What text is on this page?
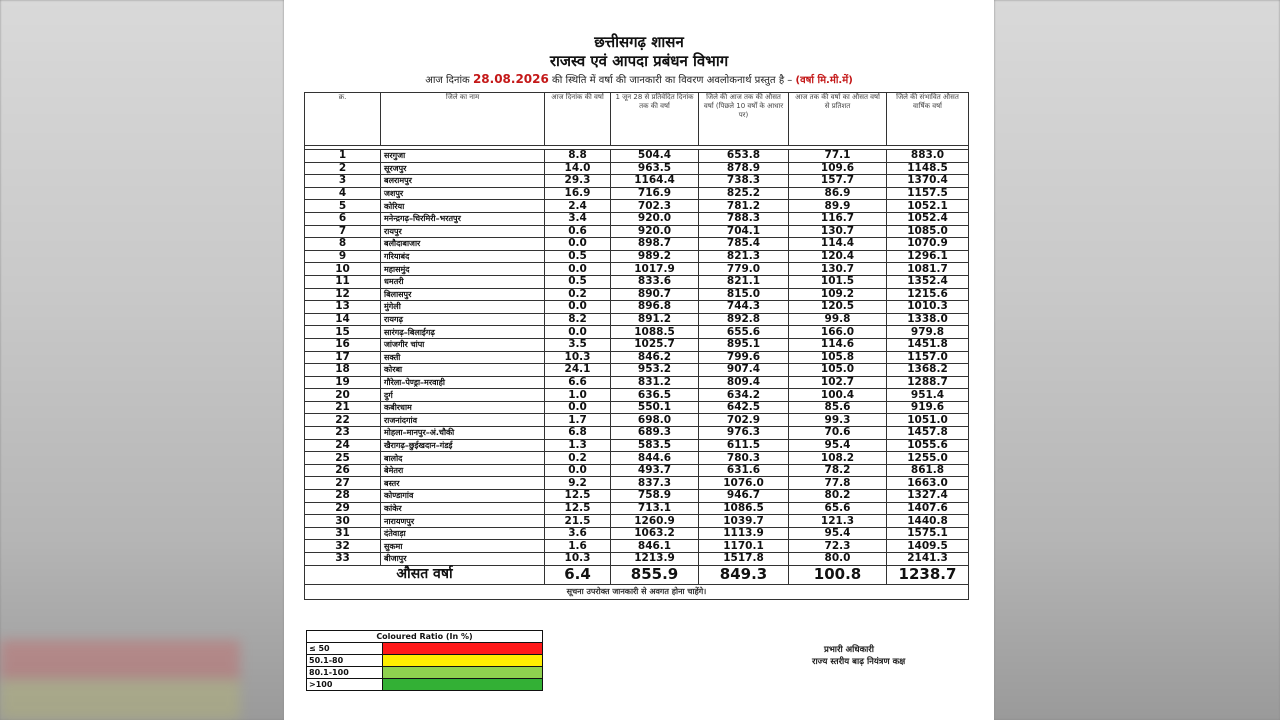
छत्तीसगढ़ शासन
राजस्व एवं आपदा प्रबंधन विभाग
आज दिनांक 28.08.2026 की स्थिति में वर्षा की जानकारी का विवरण अवलोकनार्थ प्रस्तुत है – (वर्षा मि.मी.में)
क्र.	जिले का नाम	आज दिनांक की वर्षा	1 जून 28 से प्रतिवेदित दिनांक तक की वर्षा	जिले की आज तक की औसत वर्षा (पिछले 10 वर्षों के आधार पर)	आज तक की वर्षा का औसत वर्षा से प्रतिशत	जिले की संभावित औसत वार्षिक वर्षा

1	सरगुजा	8.8	504.4	653.8	77.1	883.0
2	सूरजपुर	14.0	963.5	878.9	109.6	1148.5
3	बलरामपुर	29.3	1164.4	738.3	157.7	1370.4
4	जशपुर	16.9	716.9	825.2	86.9	1157.5
5	कोरिया	2.4	702.3	781.2	89.9	1052.1
6	मनेन्द्रगढ़–चिरमिरी–भरतपुर	3.4	920.0	788.3	116.7	1052.4
7	रायपुर	0.6	920.0	704.1	130.7	1085.0
8	बलौदाबाजार	0.0	898.7	785.4	114.4	1070.9
9	गरियाबंद	0.5	989.2	821.3	120.4	1296.1
10	महासमुंद	0.0	1017.9	779.0	130.7	1081.7
11	धमतरी	0.5	833.6	821.1	101.5	1352.4
12	बिलासपुर	0.2	890.7	815.0	109.2	1215.6
13	मुंगेली	0.0	896.8	744.3	120.5	1010.3
14	रायगढ़	8.2	891.2	892.8	99.8	1338.0
15	सारंगढ़–बिलाईगढ़	0.0	1088.5	655.6	166.0	979.8
16	जांजगीर चांपा	3.5	1025.7	895.1	114.6	1451.8
17	सक्ती	10.3	846.2	799.6	105.8	1157.0
18	कोरबा	24.1	953.2	907.4	105.0	1368.2
19	गौरेला–पेण्ड्रा–मरवाही	6.6	831.2	809.4	102.7	1288.7
20	दुर्ग	1.0	636.5	634.2	100.4	951.4
21	कबीरधाम	0.0	550.1	642.5	85.6	919.6
22	राजनांदगांव	1.7	698.0	702.9	99.3	1051.0
23	मोहला–मानपुर–अं.चौकी	6.8	689.3	976.3	70.6	1457.8
24	खैरागढ़–छुईखदान–गंडई	1.3	583.5	611.5	95.4	1055.6
25	बालोद	0.2	844.6	780.3	108.2	1255.0
26	बेमेतरा	0.0	493.7	631.6	78.2	861.8
27	बस्तर	9.2	837.3	1076.0	77.8	1663.0
28	कोण्डागांव	12.5	758.9	946.7	80.2	1327.4
29	कांकेर	12.5	713.1	1086.5	65.6	1407.6
30	नारायणपुर	21.5	1260.9	1039.7	121.3	1440.8
31	दंतेवाड़ा	3.6	1063.2	1113.9	95.4	1575.1
32	सुकमा	1.6	846.1	1170.1	72.3	1409.5
33	बीजापुर	10.3	1213.9	1517.8	80.0	2141.3
औसत वर्षा		6.4	855.9	849.3	100.8	1238.7
सूचना उपरोक्त जानकारी से अवगत होना चाहेंगे।						
Coloured Ratio (In %)	
≤ 50	
50.1-80	
80.1-100	
>100	
प्रभारी अधिकारी
राज्य स्तरीय बाढ़ नियंत्रण कक्ष
